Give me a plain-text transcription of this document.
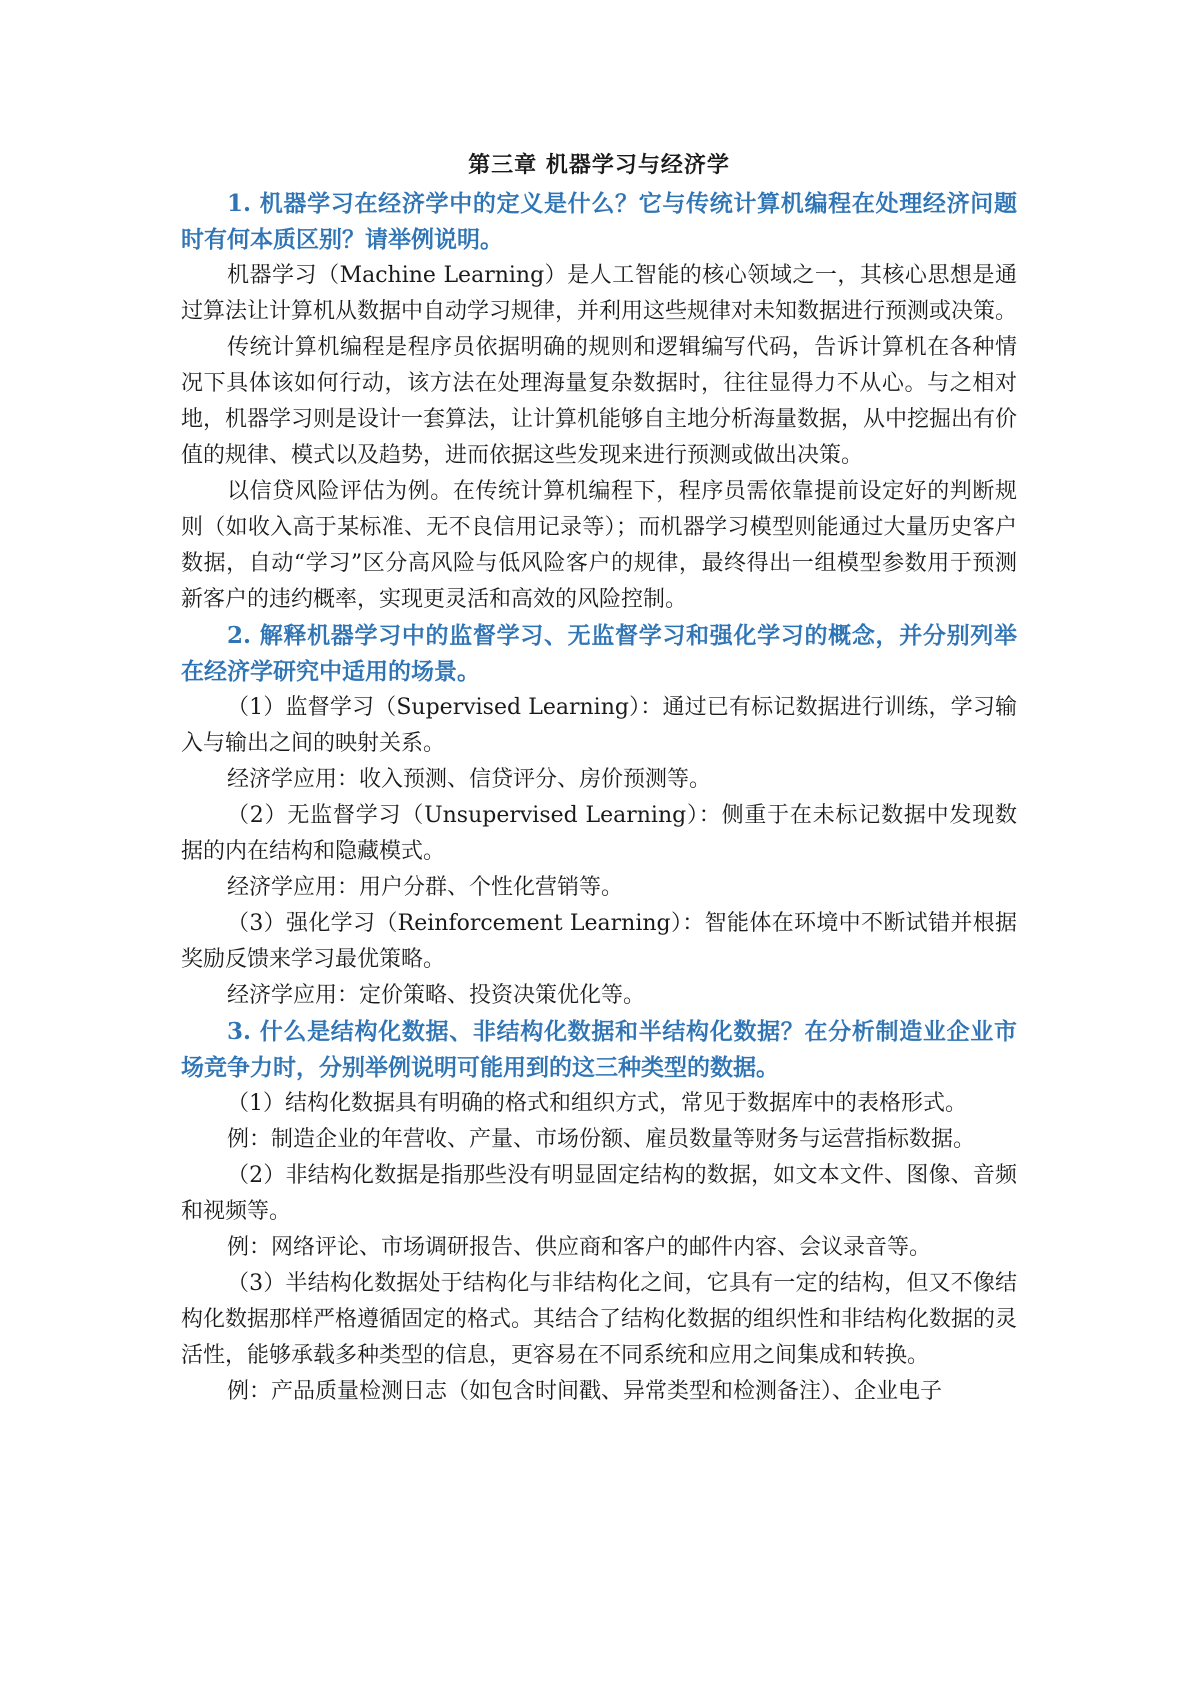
第三章 机器学习与经济学

1. 机器学习在经济学中的定义是什么？它与传统计算机编程在处理经济问题时有何本质区别？请举例说明。

机器学习（Machine Learning）是人工智能的核心领域之一，其核心思想是通过算法让计算机从数据中自动学习规律，并利用这些规律对未知数据进行预测或决策。

传统计算机编程是程序员依据明确的规则和逻辑编写代码，告诉计算机在各种情况下具体该如何行动，该方法在处理海量复杂数据时，往往显得力不从心。与之相对地，机器学习则是设计一套算法，让计算机能够自主地分析海量数据，从中挖掘出有价值的规律、模式以及趋势，进而依据这些发现来进行预测或做出决策。

以信贷风险评估为例。在传统计算机编程下，程序员需依靠提前设定好的判断规则（如收入高于某标准、无不良信用记录等）；而机器学习模型则能通过大量历史客户数据，自动“学习”区分高风险与低风险客户的规律，最终得出一组模型参数用于预测新客户的违约概率，实现更灵活和高效的风险控制。

2. 解释机器学习中的监督学习、无监督学习和强化学习的概念，并分别列举在经济学研究中适用的场景。

（1）监督学习（Supervised Learning）：通过已有标记数据进行训练，学习输入与输出之间的映射关系。

经济学应用：收入预测、信贷评分、房价预测等。

（2）无监督学习（Unsupervised Learning）：侧重于在未标记数据中发现数据的内在结构和隐藏模式。

经济学应用：用户分群、个性化营销等。

（3）强化学习（Reinforcement Learning）：智能体在环境中不断试错并根据奖励反馈来学习最优策略。

经济学应用：定价策略、投资决策优化等。

3. 什么是结构化数据、非结构化数据和半结构化数据？在分析制造业企业市场竞争力时，分别举例说明可能用到的这三种类型的数据。

（1）结构化数据具有明确的格式和组织方式，常见于数据库中的表格形式。

例：制造企业的年营收、产量、市场份额、雇员数量等财务与运营指标数据。

（2）非结构化数据是指那些没有明显固定结构的数据，如文本文件、图像、音频和视频等。

例：网络评论、市场调研报告、供应商和客户的邮件内容、会议录音等。

（3）半结构化数据处于结构化与非结构化之间，它具有一定的结构，但又不像结构化数据那样严格遵循固定的格式。其结合了结构化数据的组织性和非结构化数据的灵活性，能够承载多种类型的信息，更容易在不同系统和应用之间集成和转换。

例：产品质量检测日志（如包含时间戳、异常类型和检测备注）、企业电子
